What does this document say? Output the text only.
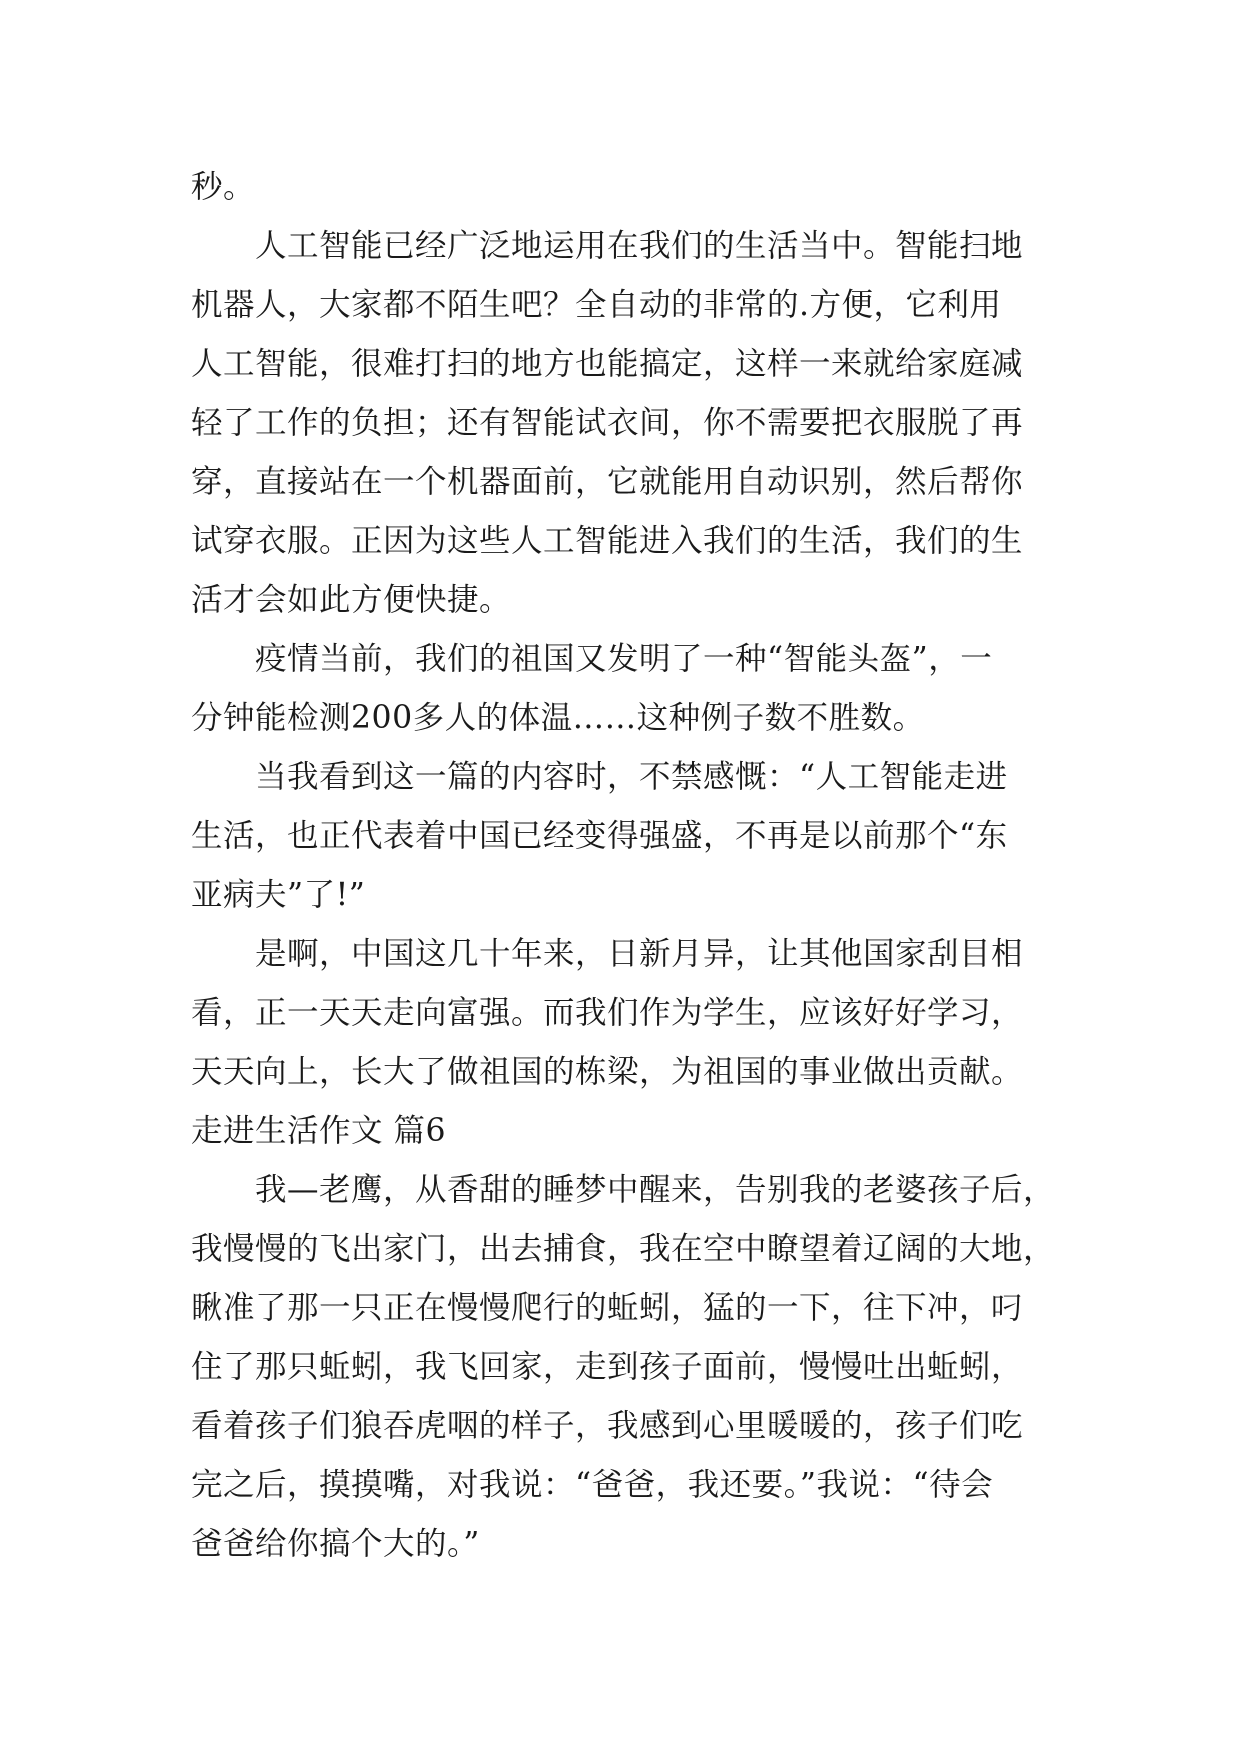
秒。
人工智能已经广泛地运用在我们的生活当中。智能扫地
机器人，大家都不陌生吧？全自动的非常的.方便，它利用
人工智能，很难打扫的地方也能搞定，这样一来就给家庭减
轻了工作的负担；还有智能试衣间，你不需要把衣服脱了再
穿，直接站在一个机器面前，它就能用自动识别，然后帮你
试穿衣服。正因为这些人工智能进入我们的生活，我们的生
活才会如此方便快捷。
疫情当前，我们的祖国又发明了一种“智能头盔”，一
分钟能检测200多人的体温……这种例子数不胜数。
当我看到这一篇的内容时，不禁感慨：“人工智能走进
生活，也正代表着中国已经变得强盛，不再是以前那个“东
亚病夫”了!”
是啊，中国这几十年来，日新月异，让其他国家刮目相
看，正一天天走向富强。而我们作为学生，应该好好学习，
天天向上，长大了做祖国的栋梁，为祖国的事业做出贡献。
走进生活作文 篇6
我—老鹰，从香甜的睡梦中醒来，告别我的老婆孩子后，
我慢慢的飞出家门，出去捕食，我在空中瞭望着辽阔的大地，
瞅准了那一只正在慢慢爬行的蚯蚓，猛的一下，往下冲，叼
住了那只蚯蚓，我飞回家，走到孩子面前，慢慢吐出蚯蚓，
看着孩子们狼吞虎咽的样子，我感到心里暖暖的，孩子们吃
完之后，摸摸嘴，对我说：“爸爸，我还要。”我说：“待会
爸爸给你搞个大的。”
